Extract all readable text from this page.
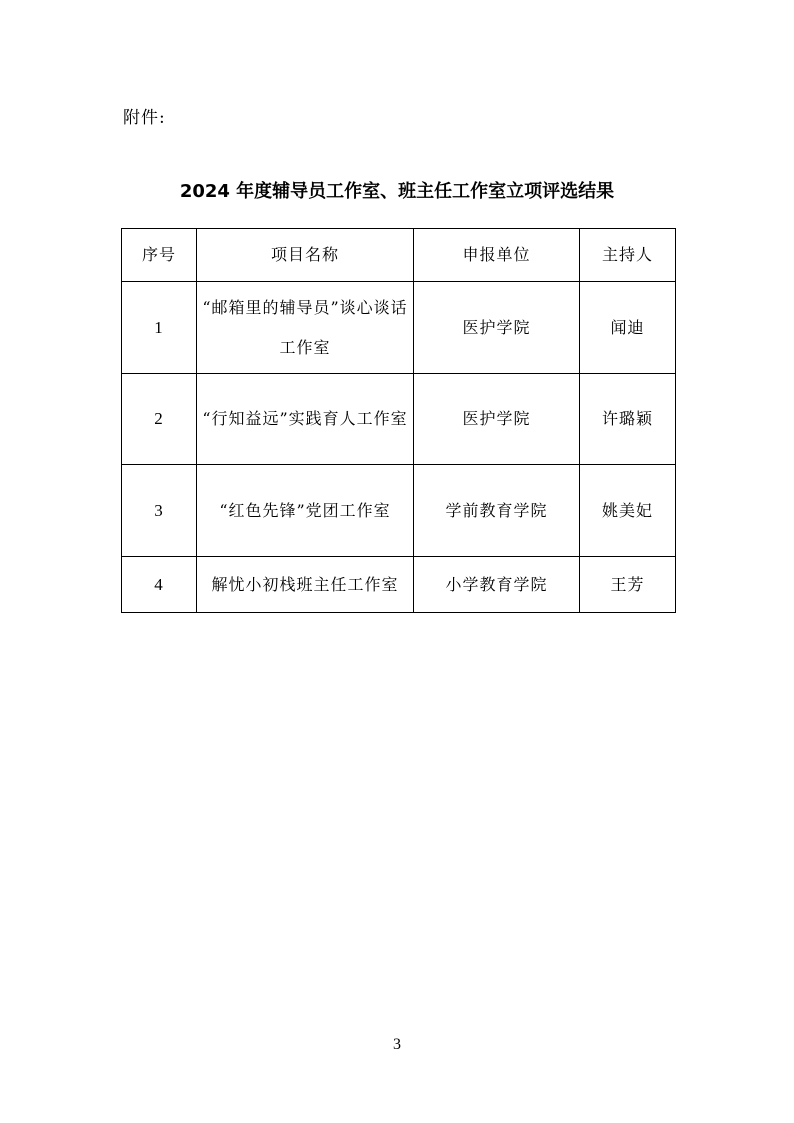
附件:
2024 年度辅导员工作室、班主任工作室立项评选结果
序号	项目名称	申报单位	主持人
1	“邮箱里的辅导员”谈心谈话工作室	医护学院	闻迪
2	“行知益远”实践育人工作室	医护学院	许璐颖
3	“红色先锋”党团工作室	学前教育学院	姚美妃
4	解忧小初栈班主任工作室	小学教育学院	王芳
3
